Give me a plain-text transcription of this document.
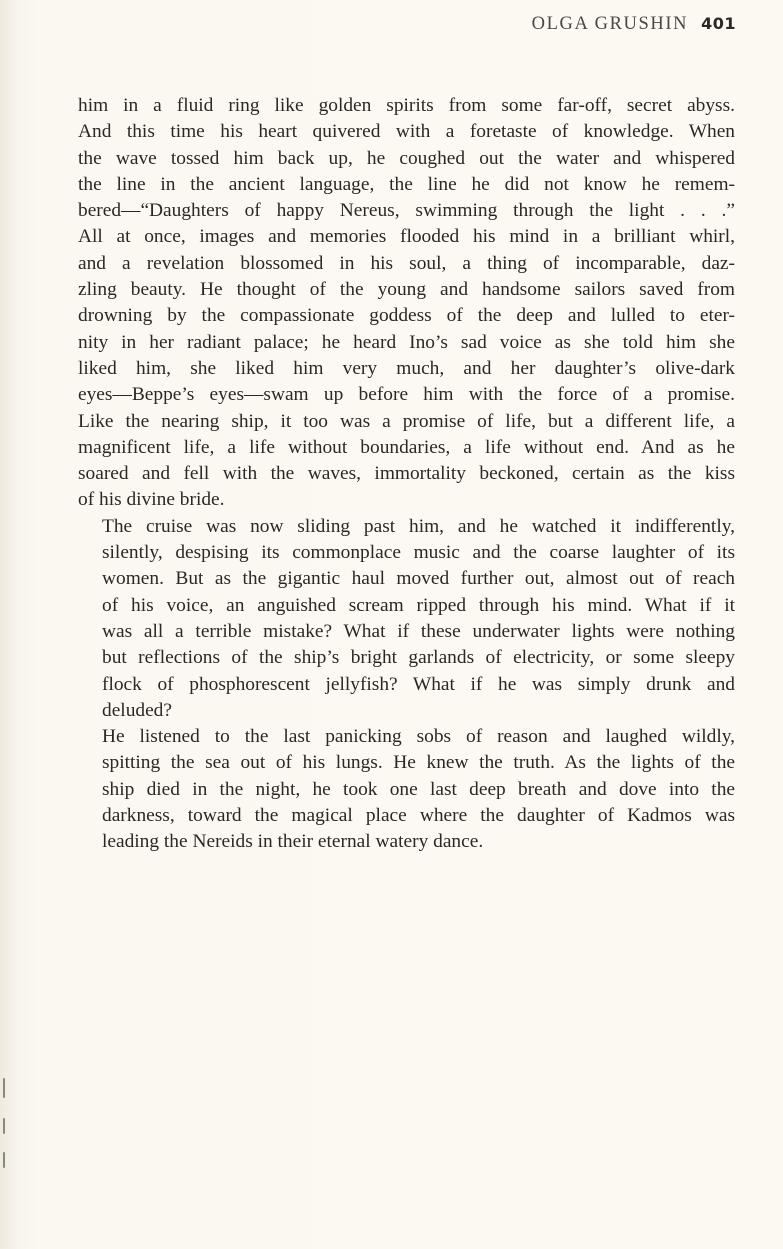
OLGA GRUSHIN 401

him in a fluid ring like golden spirits from some far-off, secret abyss.
And this time his heart quivered with a foretaste of knowledge. When
the wave tossed him back up, he coughed out the water and whispered
the line in the ancient language, the line he did not know he remem-
bered—“Daughters of happy Nereus, swimming through the light . . .”
All at once, images and memories flooded his mind in a brilliant whirl,
and a revelation blossomed in his soul, a thing of incomparable, daz-
zling beauty. He thought of the young and handsome sailors saved from
drowning by the compassionate goddess of the deep and lulled to eter-
nity in her radiant palace; he heard Ino’s sad voice as she told him she
liked him, she liked him very much, and her daughter’s olive-dark
eyes—Beppe’s eyes—swam up before him with the force of a promise.
Like the nearing ship, it too was a promise of life, but a different life, a
magnificent life, a life without boundaries, a life without end. And as he
soared and fell with the waves, immortality beckoned, certain as the kiss
of his divine bride.

The cruise was now sliding past him, and he watched it indifferently,
silently, despising its commonplace music and the coarse laughter of its
women. But as the gigantic haul moved further out, almost out of reach
of his voice, an anguished scream ripped through his mind. What if it
was all a terrible mistake? What if these underwater lights were nothing
but reflections of the ship’s bright garlands of electricity, or some sleepy
flock of phosphorescent jellyfish? What if he was simply drunk and
deluded?

He listened to the last panicking sobs of reason and laughed wildly,
spitting the sea out of his lungs. He knew the truth. As the lights of the
ship died in the night, he took one last deep breath and dove into the
darkness, toward the magical place where the daughter of Kadmos was
leading the Nereids in their eternal watery dance.
